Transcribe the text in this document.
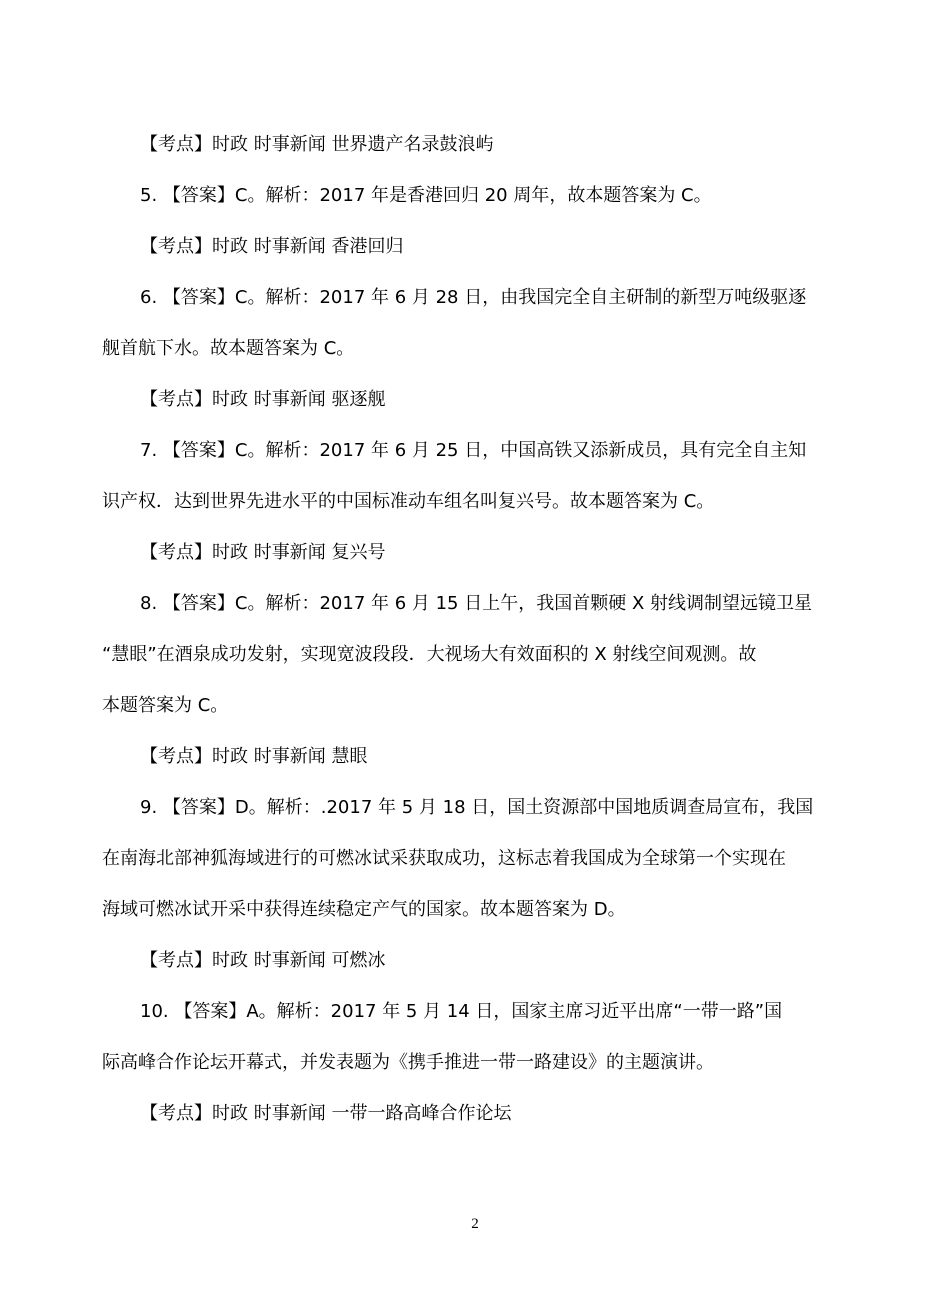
【考点】时政 时事新闻 世界遗产名录鼓浪屿
5. 【答案】C。解析：2017 年是香港回归 20 周年，故本题答案为 C。
【考点】时政 时事新闻 香港回归
6. 【答案】C。解析：2017 年 6 月 28 日，由我国完全自主研制的新型万吨级驱逐
舰首航下水。故本题答案为 C。
【考点】时政 时事新闻 驱逐舰
7. 【答案】C。解析：2017 年 6 月 25 日，中国高铁又添新成员，具有完全自主知
识产权．达到世界先进水平的中国标准动车组名叫复兴号。故本题答案为 C。
【考点】时政 时事新闻 复兴号
8. 【答案】C。解析：2017 年 6 月 15 日上午，我国首颗硬 X 射线调制望远镜卫星
“慧眼”在酒泉成功发射，实现宽波段段．大视场大有效面积的 X 射线空间观测。故
本题答案为 C。
【考点】时政 时事新闻 慧眼
9. 【答案】D。解析：.2017 年 5 月 18 日，国土资源部中国地质调查局宣布，我国
在南海北部神狐海域进行的可燃冰试采获取成功，这标志着我国成为全球第一个实现在
海域可燃冰试开采中获得连续稳定产气的国家。故本题答案为 D。
【考点】时政 时事新闻 可燃冰
10. 【答案】A。解析：2017 年 5 月 14 日，国家主席习近平出席“一带一路”国
际高峰合作论坛开幕式，并发表题为《携手推进一带一路建设》的主题演讲。
【考点】时政 时事新闻 一带一路高峰合作论坛
2
